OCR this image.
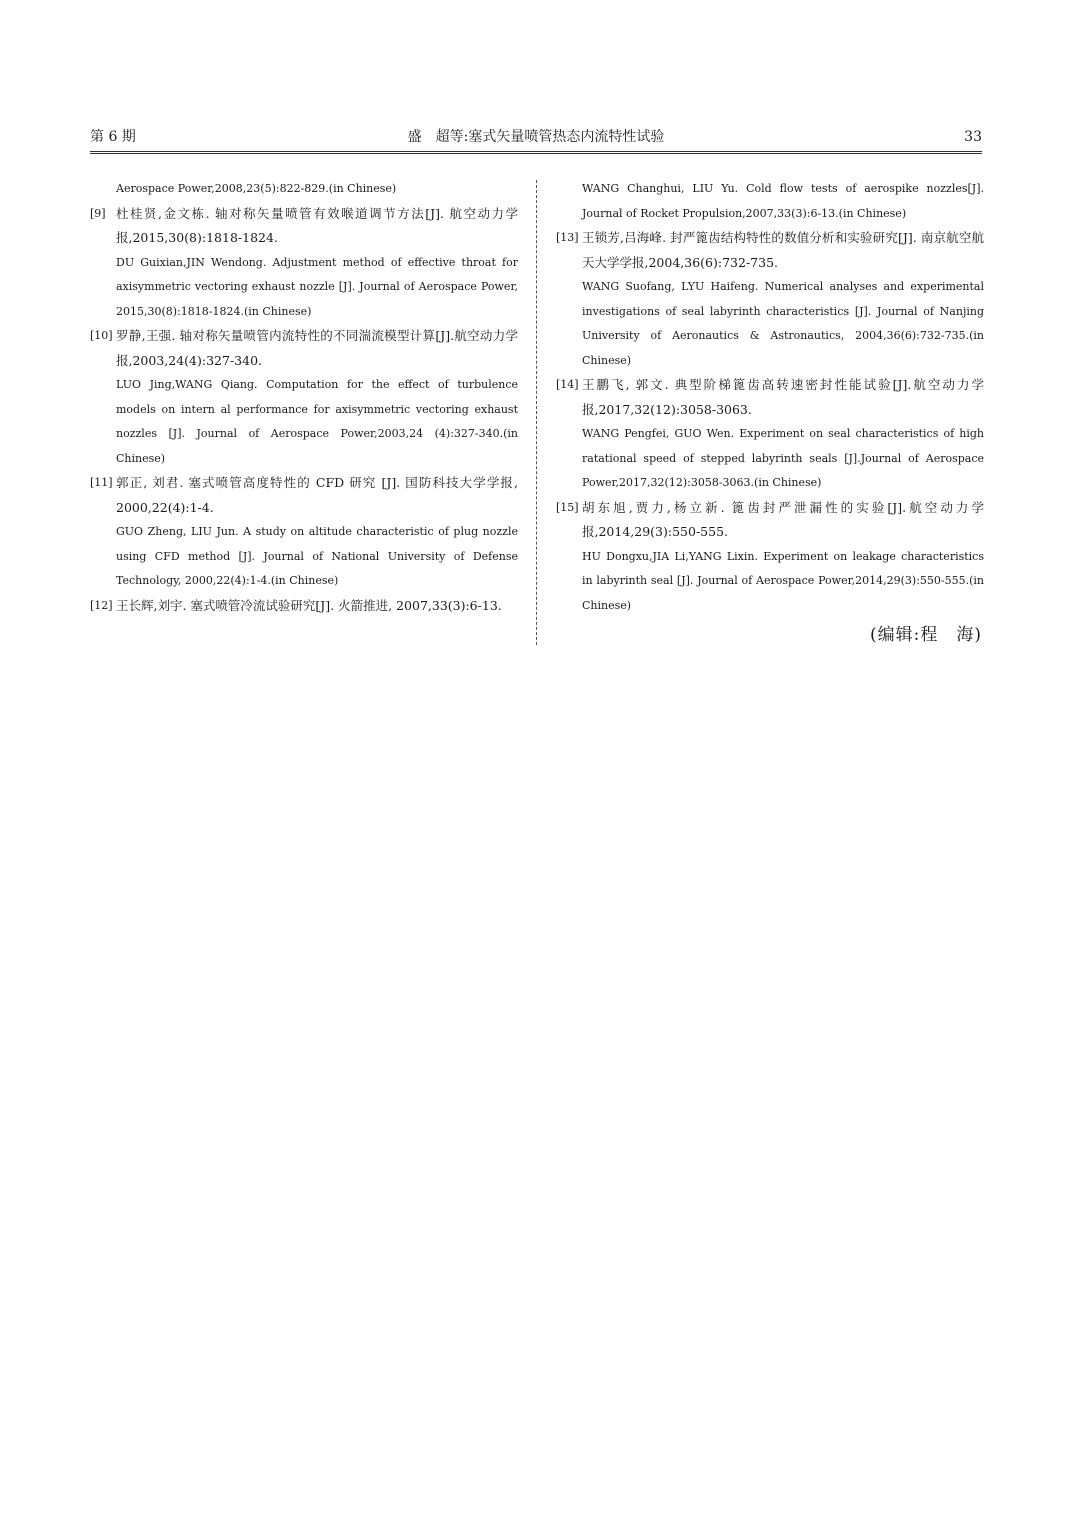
第 6 期	盛　超等:塞式矢量喷管热态内流特性试验	33
Aerospace Power,2008,23(5):822-829.(in Chinese)
[9] 杜桂贤,金文栋. 轴对称矢量喷管有效喉道调节方法[J]. 航空动力学报,2015,30(8):1818-1824.
DU Guixian,JIN Wendong. Adjustment method of effective throat for axisymmetric vectoring exhaust nozzle [J]. Journal of Aerospace Power, 2015,30(8):1818-1824.(in Chinese)
[10] 罗静,王强. 轴对称矢量喷管内流特性的不同湍流模型计算[J].航空动力学报,2003,24(4):327-340.
LUO Jing,WANG Qiang. Computation for the effect of turbulence models on intern al performance for axisymmetric vectoring exhaust nozzles [J]. Journal of Aerospace Power,2003,24 (4):327-340.(in Chinese)
[11] 郭正, 刘君. 塞式喷管高度特性的 CFD 研究 [J]. 国防科技大学学报, 2000,22(4):1-4.
GUO Zheng, LIU Jun. A study on altitude characteristic of plug nozzle using CFD method [J]. Journal of National University of Defense Technology, 2000,22(4):1-4.(in Chinese)
[12] 王长辉,刘宇. 塞式喷管冷流试验研究[J]. 火箭推进, 2007,33(3):6-13.
WANG Changhui, LIU Yu. Cold flow tests of aerospike nozzles[J]. Journal of Rocket Propulsion,2007,33(3):6-13.(in Chinese)
[13] 王锁芳,吕海峰. 封严篦齿结构特性的数值分析和实验研究[J]. 南京航空航天大学学报,2004,36(6):732-735.
WANG Suofang, LYU Haifeng. Numerical analyses and experimental investigations of seal labyrinth characteristics [J]. Journal of Nanjing University of Aeronautics & Astronautics, 2004,36(6):732-735.(in Chinese)
[14] 王鹏飞, 郭文. 典型阶梯篦齿高转速密封性能试验[J].航空动力学报,2017,32(12):3058-3063.
WANG Pengfei, GUO Wen. Experiment on seal characteristics of high ratational speed of stepped labyrinth seals [J].Journal of Aerospace Power,2017,32(12):3058-3063.(in Chinese)
[15] 胡东旭,贾力,杨立新. 篦齿封严泄漏性的实验[J].航空动力学报,2014,29(3):550-555.
HU Dongxu,JIA Li,YANG Lixin. Experiment on leakage characteristics in labyrinth seal [J]. Journal of Aerospace Power,2014,29(3):550-555.(in Chinese)
(编辑:程　海)
